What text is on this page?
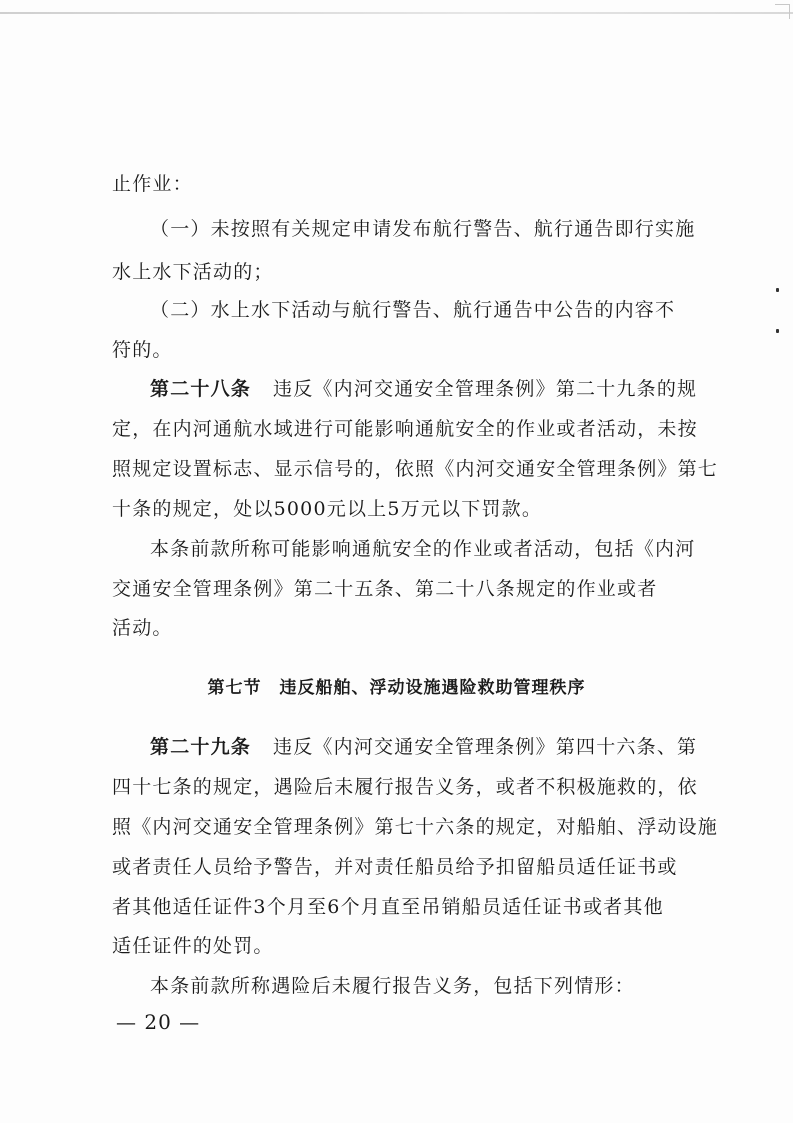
止作业：
（一）未按照有关规定申请发布航行警告、航行通告即行实施
水上水下活动的；
（二）水上水下活动与航行警告、航行通告中公告的内容不
符的。
第二十八条 违反《内河交通安全管理条例》第二十九条的规
定，在内河通航水域进行可能影响通航安全的作业或者活动，未按
照规定设置标志、显示信号的，依照《内河交通安全管理条例》第七
十条的规定，处以5000元以上5万元以下罚款。
本条前款所称可能影响通航安全的作业或者活动，包括《内河
交通安全管理条例》第二十五条、第二十八条规定的作业或者
活动。
第七节　违反船舶、浮动设施遇险救助管理秩序
第二十九条 违反《内河交通安全管理条例》第四十六条、第
四十七条的规定，遇险后未履行报告义务，或者不积极施救的，依
照《内河交通安全管理条例》第七十六条的规定，对船舶、浮动设施
或者责任人员给予警告，并对责任船员给予扣留船员适任证书或
者其他适任证件3个月至6个月直至吊销船员适任证书或者其他
适任证件的处罚。
本条前款所称遇险后未履行报告义务，包括下列情形：
— 20 —
